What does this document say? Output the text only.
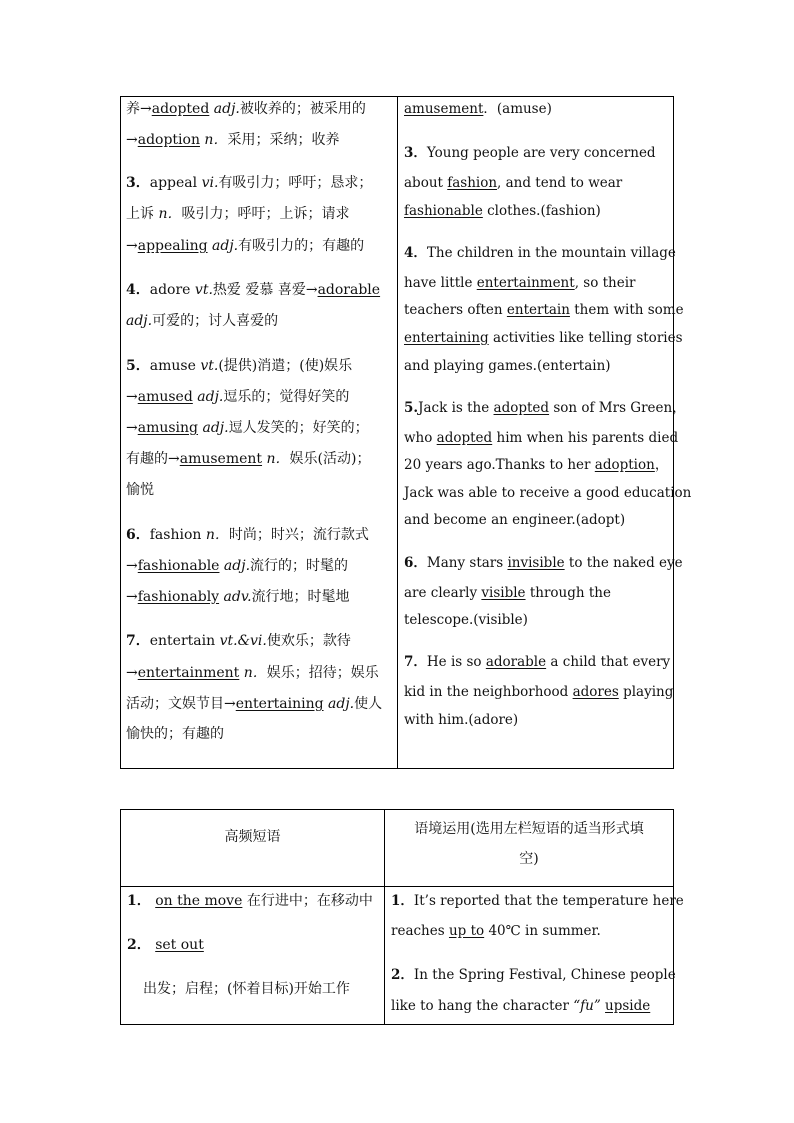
养→adopted adj.被收养的；被采用的
→adoption n．采用；采纳；收养
3．appeal vi.有吸引力；呼吁；恳求；
上诉 n．吸引力；呼吁；上诉；请求
→appealing adj.有吸引力的；有趣的
4．adore vt.热爱 爱慕 喜爱→adorable
adj.可爱的；讨人喜爱的
5．amuse vt.(提供)消遣；(使)娱乐
→amused adj.逗乐的；觉得好笑的
→amusing adj.逗人发笑的；好笑的；
有趣的→amusement n．娱乐(活动)；
愉悦
6．fashion n．时尚；时兴；流行款式
→fashionable adj.流行的；时髦的
→fashionably adv.流行地；时髦地
7．entertain vt.&vi.使欢乐；款待
→entertainment n．娱乐；招待；娱乐
活动；文娱节目→entertaining adj.使人
愉快的；有趣的
amusement．(amuse)
3．Young people are very concerned
about fashion, and tend to wear
fashionable clothes.(fashion)
4．The children in the mountain village
have little entertainment, so their
teachers often entertain them with some
entertaining activities like telling stories
and playing games.(entertain)
5.Jack is the adopted son of Mrs Green，
who adopted him when his parents died
20 years ago.Thanks to her adoption，
Jack was able to receive a good education
and become an engineer.(adopt)
6．Many stars invisible to the naked eye
are clearly visible through the
telescope.(visible)
7．He is so adorable a child that every
kid in the neighborhood adores playing
with him.(adore)
高频短语	语境运用(选用左栏短语的适当形式填
空)
1． on the move 在行进中；在移动中
2． set out
出发；启程；(怀着目标)开始工作
1．It’s reported that the temperature here
reaches up to 40℃ in summer.
2．In the Spring Festival, Chinese people
like to hang the character “fu” upside
